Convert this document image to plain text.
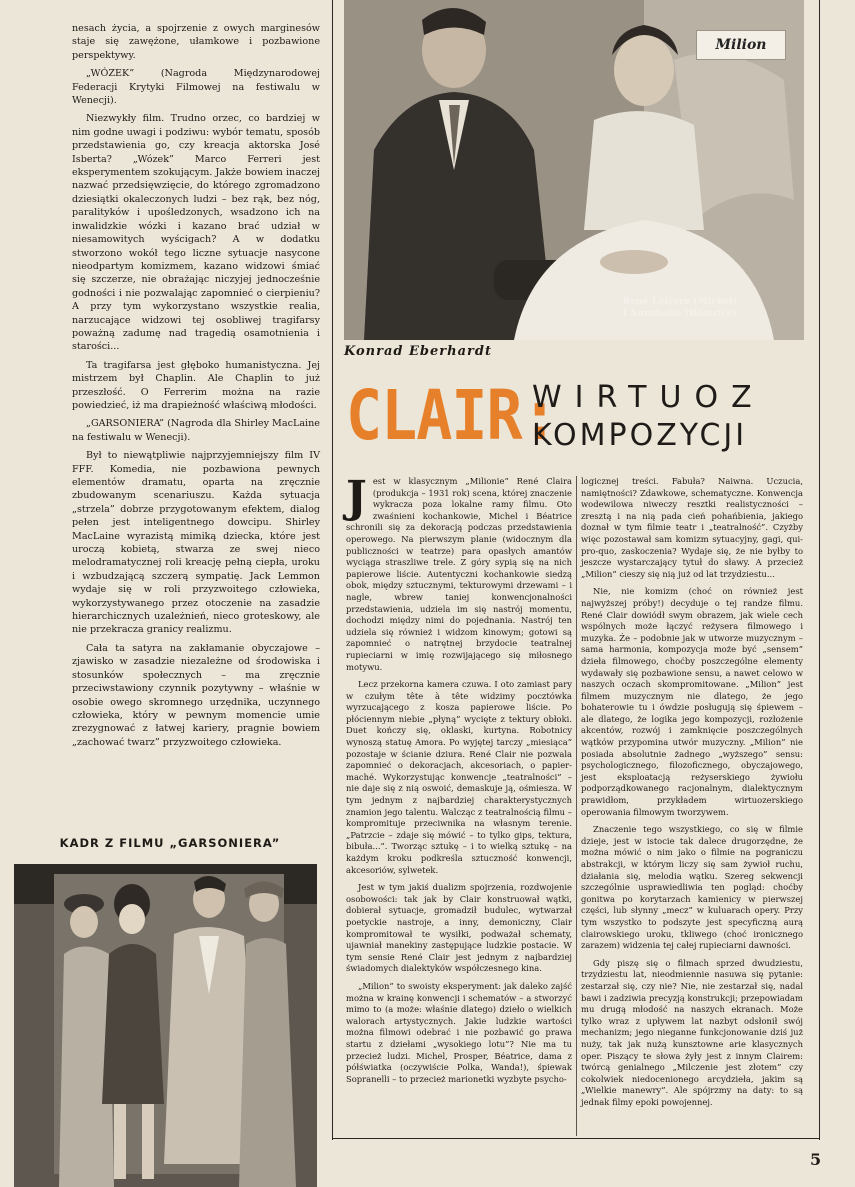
nesach życia, a spojrzenie z owych marginesów staje się zawężone, ułamkowe i pozbawione perspektywy.

„WÓZEK” (Nagroda Międzynarodowej Federacji Krytyki Filmowej na festiwalu w Wenecji).

Niezwykły film. Trudno orzec, co bardziej w nim godne uwagi i podziwu: wybór tematu, sposób przedstawienia go, czy kreacja aktorska José Isberta? „Wózek” Marco Ferreri jest eksperymentem szokującym. Jakże bowiem inaczej nazwać przedsięwzięcie, do którego zgromadzono dziesiątki okaleczonych ludzi – bez rąk, bez nóg, paralityków i upośledzonych, wsadzono ich na inwalidzkie wózki i kazano brać udział w niesamowitych wyścigach? A w dodatku stworzono wokół tego liczne sytuacje nasycone nieodpartym komizmem, kazano widzowi śmiać się szczerze, nie obrażając niczyjej jednocześnie godności i nie pozwalając zapomnieć o cierpieniu? A przy tym wykorzystano wszystkie realia, narzucające widzowi tej osobliwej tragifarsy poważną zadumę nad tragedią osamotnienia i starości...

Ta tragifarsa jest głęboko humanistyczna. Jej mistrzem był Chaplin. Ale Chaplin to już przeszłość. O Ferrerim można na razie powiedzieć, iż ma drapieżność właściwą młodości.

„GARSONIERA” (Nagroda dla Shirley MacLaine na festiwalu w Wenecji).

Był to niewątpliwie najprzyjemniejszy film IV FFF. Komedia, nie pozbawiona pewnych elementów dramatu, oparta na zręcznie zbudowanym scenariuszu. Każda sytuacja „strzela” dobrze przygotowanym efektem, dialog pełen jest inteligentnego dowcipu. Shirley MacLaine wyrazistą mimiką dziecka, które jest uroczą kobietą, stwarza ze swej nieco melodramatycznej roli kreację pełną ciepła, uroku i wzbudzającą szczerą sympatię. Jack Lemmon wydaje się w roli przyzwoitego człowieka, wykorzystywanego przez otoczenie na zasadzie hierarchicznych uzależnień, nieco groteskowy, ale nie przekracza granicy realizmu.

Cała ta satyra na zakłamanie obyczajowe – zjawisko w zasadzie niezależne od środowiska i stosunków społecznych – ma zręcznie przeciwstawiony czynnik pozytywny – właśnie w osobie owego skromnego urzędnika, uczynnego człowieka, który w pewnym momencie umie zrezygnować z łatwej kariery, pragnie bowiem „zachować twarz” przyzwoitego człowieka.

Milion
René Lefèvre (Michel)
i Annabella (Béatrice)
Konrad Eberhardt
CLAIR:
WIRTUOZ
KOMPOZYCJI

Jest w klasycznym „Milionie” René Claira (produkcja – 1931 rok) scena, której znaczenie wykracza poza lokalne ramy filmu. Oto zwaśnieni kochankowie, Michel i Béatrice schronili się za dekoracją podczas przedstawienia operowego. Na pierwszym planie (widocznym dla publiczności w teatrze) para opasłych amantów wyciąga straszliwe trele. Z góry sypią się na nich papierowe liście. Autentyczni kochankowie siedzą obok, między sztucznymi, tekturowymi drzewami – i nagle, wbrew taniej konwencjonalności przedstawienia, udziela im się nastrój momentu, dochodzi między nimi do pojednania. Nastrój ten udziela się również i widzom kinowym; gotowi są zapomnieć o natrętnej brzydocie teatralnej rupieciarni w imię rozwijającego się miłosnego motywu.

Lecz przekorna kamera czuwa. I oto zamiast pary w czułym tête à tête widzimy pocztówka wyrzucającego z kosza papierowe liście. Po płóciennym niebie „płyną” wycięte z tektury obłoki. Duet kończy się, oklaski, kurtyna. Robotnicy wynoszą statuę Amora. Po wyjętej tarczy „miesiąca” pozostaje w ścianie dziura. René Clair nie pozwala zapomnieć o dekoracjach, akcesoriach, o papier-maché. Wykorzystując konwencje „teatralności” – nie daje się z nią oswoić, demaskuje ją, ośmiesza. W tym jednym z najbardziej charakterystycznych znamion jego talentu. Walcząc z teatralnością filmu – kompromituje przeciwnika na własnym terenie. „Patrzcie – zdaje się mówić – to tylko gips, tektura, bibuła...”. Tworząc sztukę – i to wielką sztukę – na każdym kroku podkreśla sztuczność konwencji, akcesoriów, sylwetek.

Jest w tym jakiś dualizm spojrzenia, rozdwojenie osobowości: tak jak by Clair konstruował wątki, dobierał sytuacje, gromadził budulec, wytwarzał poetyckie nastroje, a inny, demoniczny, Clair kompromitował te wysiłki, podważał schematy, ujawniał manekiny zastępujące ludzkie postacie. W tym sensie René Clair jest jednym z najbardziej świadomych dialektyków współczesnego kina.

„Milion” to swoisty eksperyment: jak daleko zajść można w krainę konwencji i schematów – a stworzyć mimo to (a może: właśnie dlatego) dzieło o wielkich walorach artystycznych. Jakie ludzkie wartości można filmowi odebrać i nie pozbawić go prawa startu z dziełami „wysokiego lotu”? Nie ma tu przecież ludzi. Michel, Prosper, Béatrice, dama z półświatka (oczywiście Polka, Wanda!), śpiewak Sopranelli – to przecież marionetki wyzbyte psycho-

logicznej treści. Fabuła? Naiwna. Uczucia, namiętności? Zdawkowe, schematyczne. Konwencja wodewilowa niweczy resztki realistyczności – zresztą i na nią pada cień pohańbienia, jakiego doznał w tym filmie teatr i „teatralność”. Czyżby więc pozostawał sam komizm sytuacyjny, gagi, qui-pro-quo, zaskoczenia? Wydaje się, że nie byłby to jeszcze wystarczający tytuł do sławy. A przecież „Milion” cieszy się nią już od lat trzydziestu...

Nie, nie komizm (choć on również jest najwyższej próby!) decyduje o tej randze filmu. René Clair dowiódł swym obrazem, jak wiele cech wspólnych może łączyć reżysera filmowego i muzyka. Że – podobnie jak w utworze muzycznym – sama harmonia, kompozycja może być „sensem” dzieła filmowego, choćby poszczególne elementy wydawały się pozbawione sensu, a nawet celowo w naszych oczach skompromitowane. „Milion” jest filmem muzycznym nie dlatego, że jego bohaterowie tu i ówdzie posługują się śpiewem – ale dlatego, że logika jego kompozycji, rozłożenie akcentów, rozwój i zamknięcie poszczególnych wątków przypomina utwór muzyczny. „Milion” nie posiada absolutnie żadnego „wyższego” sensu: psychologicznego, filozoficznego, obyczajowego, jest eksploatacją reżyserskiego żywiołu podporządkowanego racjonalnym, dialektycznym prawidłom, przykładem wirtuozerskiego operowania filmowym tworzywem.

Znaczenie tego wszystkiego, co się w filmie dzieje, jest w istocie tak dalece drugorzędne, że można mówić o nim jako o filmie na pograniczu abstrakcji, w którym liczy się sam żywioł ruchu, działania się, melodia wątku. Szereg sekwencji szczególnie usprawiedliwia ten pogląd: choćby gonitwa po korytarzach kamienicy w pierwszej części, lub słynny „mecz” w kuluarach opery. Przy tym wszystko to podszyte jest specyficzną aurą clairowskiego uroku, tkliwego (choć ironicznego zarazem) widzenia tej całej rupieciarni dawności.

Gdy piszę się o filmach sprzed dwudziestu, trzydziestu lat, nieodmiennie nasuwa się pytanie: zestarzał się, czy nie? Nie, nie zestarzał się, nadal bawi i zadziwia precyzją konstrukcji; przepowiadam mu drugą młodość na naszych ekranach. Może tylko wraz z upływem lat nazbyt odsłonił swój mechanizm; jego nieganne funkcjonowanie dziś już nuży, tak jak nużą kunsztowne arie klasycznych oper. Piszący te słowa żyły jest z innym Clairem: twórcą genialnego „Milczenie jest złotem” czy cokolwiek niedocenionego arcydzieła, jakim są „Wielkie manewry”. Ale spójrzmy na daty: to są jednak filmy epoki powojennej.

KADR Z FILMU „GARSONIERA”
5
